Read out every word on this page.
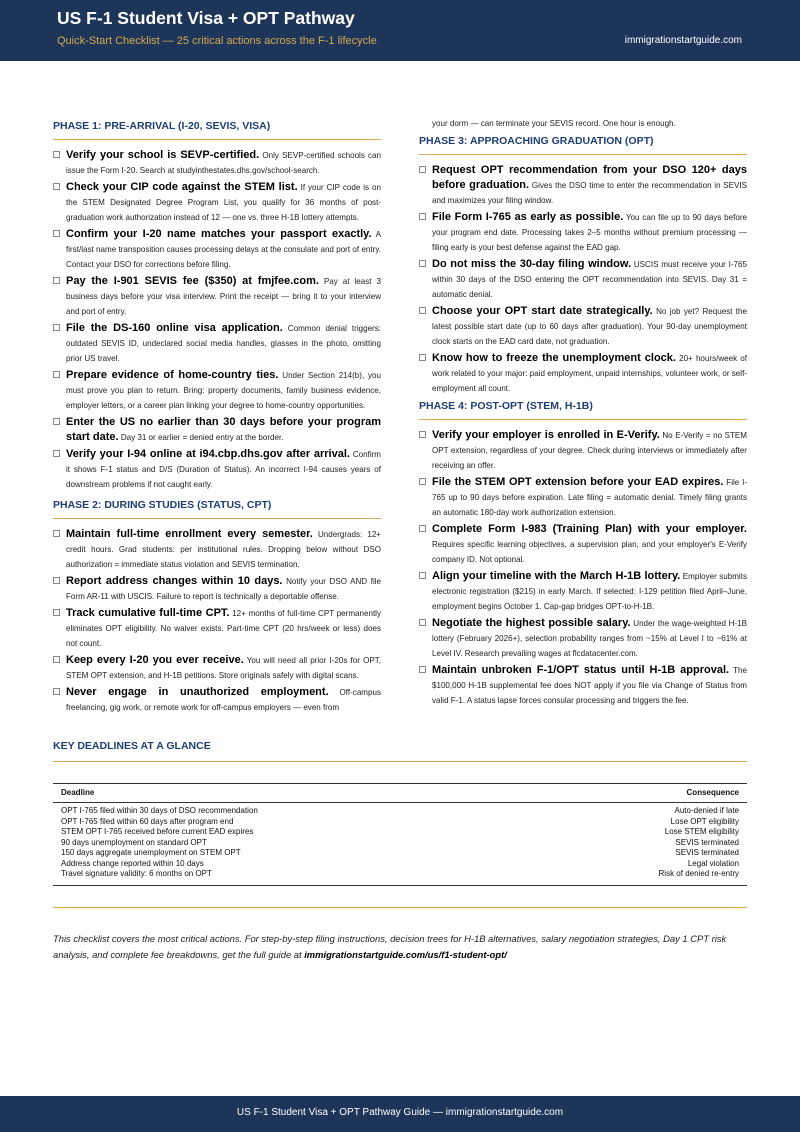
US F-1 Student Visa + OPT Pathway
Quick-Start Checklist — 25 critical actions across the F-1 lifecycle	immigrationstartguide.com
PHASE 1: PRE-ARRIVAL (I-20, SEVIS, VISA)
Verify your school is SEVP-certified. Only SEVP-certified schools can issue the Form I-20. Search at studyinthestates.dhs.gov/school-search.
Check your CIP code against the STEM list. If your CIP code is on the STEM Designated Degree Program List, you qualify for 36 months of post-graduation work authorization instead of 12 — one vs. three H-1B lottery attempts.
Confirm your I-20 name matches your passport exactly. A first/last name transposition causes processing delays at the consulate and port of entry. Contact your DSO for corrections before filing.
Pay the I-901 SEVIS fee ($350) at fmjfee.com. Pay at least 3 business days before your visa interview. Print the receipt — bring it to your interview and port of entry.
File the DS-160 online visa application. Common denial triggers: outdated SEVIS ID, undeclared social media handles, glasses in the photo, omitting prior US travel.
Prepare evidence of home-country ties. Under Section 214(b), you must prove you plan to return. Bring: property documents, family business evidence, employer letters, or a career plan linking your degree to home-country opportunities.
Enter the US no earlier than 30 days before your program start date. Day 31 or earlier = denied entry at the border.
Verify your I-94 online at i94.cbp.dhs.gov after arrival. Confirm it shows F-1 status and D/S (Duration of Status). An incorrect I-94 causes years of downstream problems if not caught early.
PHASE 2: DURING STUDIES (STATUS, CPT)
Maintain full-time enrollment every semester. Undergrads: 12+ credit hours. Grad students: per institutional rules. Dropping below without DSO authorization = immediate status violation and SEVIS termination.
Report address changes within 10 days. Notify your DSO AND file Form AR-11 with USCIS. Failure to report is technically a deportable offense.
Track cumulative full-time CPT. 12+ months of full-time CPT permanently eliminates OPT eligibility. No waiver exists. Part-time CPT (20 hrs/week or less) does not count.
Keep every I-20 you ever receive. You will need all prior I-20s for OPT, STEM OPT extension, and H-1B petitions. Store originals safely with digital scans.
Never engage in unauthorized employment. Off-campus freelancing, gig work, or remote work for off-campus employers — even from
your dorm — can terminate your SEVIS record. One hour is enough.
PHASE 3: APPROACHING GRADUATION (OPT)
Request OPT recommendation from your DSO 120+ days before graduation. Gives the DSO time to enter the recommendation in SEVIS and maximizes your filing window.
File Form I-765 as early as possible. You can file up to 90 days before your program end date. Processing takes 2–5 months without premium processing — filing early is your best defense against the EAD gap.
Do not miss the 30-day filing window. USCIS must receive your I-765 within 30 days of the DSO entering the OPT recommendation into SEVIS. Day 31 = automatic denial.
Choose your OPT start date strategically. No job yet? Request the latest possible start date (up to 60 days after graduation). Your 90-day unemployment clock starts on the EAD card date, not graduation.
Know how to freeze the unemployment clock. 20+ hours/week of work related to your major: paid employment, unpaid internships, volunteer work, or self-employment all count.
PHASE 4: POST-OPT (STEM, H-1B)
Verify your employer is enrolled in E-Verify. No E-Verify = no STEM OPT extension, regardless of your degree. Check during interviews or immediately after receiving an offer.
File the STEM OPT extension before your EAD expires. File I-765 up to 90 days before expiration. Late filing = automatic denial. Timely filing grants an automatic 180-day work authorization extension.
Complete Form I-983 (Training Plan) with your employer. Requires specific learning objectives, a supervision plan, and your employer's E-Verify company ID. Not optional.
Align your timeline with the March H-1B lottery. Employer submits electronic registration ($215) in early March. If selected: I-129 petition filed April–June, employment begins October 1. Cap-gap bridges OPT-to-H-1B.
Negotiate the highest possible salary. Under the wage-weighted H-1B lottery (February 2026+), selection probability ranges from ~15% at Level I to ~61% at Level IV. Research prevailing wages at flcdatacenter.com.
Maintain unbroken F-1/OPT status until H-1B approval. The $100,000 H-1B supplemental fee does NOT apply if you file via Change of Status from valid F-1. A status lapse forces consular processing and triggers the fee.
KEY DEADLINES AT A GLANCE
Deadline	Consequence
OPT I-765 filed within 30 days of DSO recommendation	Auto-denied if late
OPT I-765 filed within 60 days after program end	Lose OPT eligibility
STEM OPT I-765 received before current EAD expires	Lose STEM eligibility
90 days unemployment on standard OPT	SEVIS terminated
150 days aggregate unemployment on STEM OPT	SEVIS terminated
Address change reported within 10 days	Legal violation
Travel signature validity: 6 months on OPT	Risk of denied re-entry
This checklist covers the most critical actions. For step-by-step filing instructions, decision trees for H-1B alternatives, salary negotiation strategies, Day 1 CPT risk analysis, and complete fee breakdowns, get the full guide at immigrationstartguide.com/us/f1-student-opt/
US F-1 Student Visa + OPT Pathway Guide — immigrationstartguide.com
